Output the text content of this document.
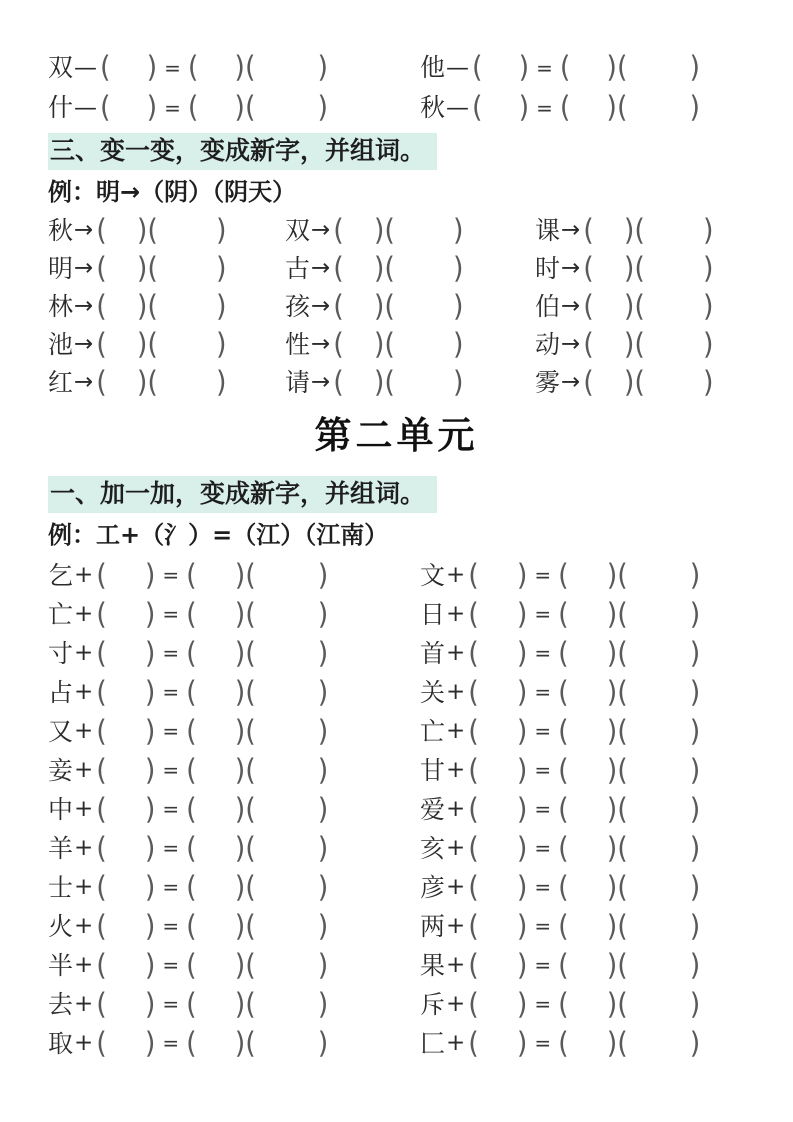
双 — ( ) = ( ) ( )	他 — ( ) = ( ) ( )
什 — ( ) = ( ) ( )	秋 — ( ) = ( ) ( )
三、变一变，变成新字，并组词。
例：明→（阴）（阴天）
秋 → ( ) ( ) 双 → ( ) ( )	课 → ( ) ( )
明 → ( ) ( ) 古 → ( ) ( )	时 → ( ) ( )
林 → ( ) ( ) 孩 → ( ) ( )	伯 → ( ) ( )
池 → ( ) ( ) 性 → ( ) ( )	动 → ( ) ( )
红 → ( ) ( ) 请 → ( ) ( )	雾 → ( ) ( )
第二单元
一、加一加，变成新字，并组词。
例：工+（氵）=（江）（江南）
乞 + ( ) = ( ) ( )	文 + ( ) = ( ) ( )
亡 + ( ) = ( ) ( )	日 + ( ) = ( ) ( )
寸 + ( ) = ( ) ( )	首 + ( ) = ( ) ( )
占 + ( ) = ( ) ( )	关 + ( ) = ( ) ( )
又 + ( ) = ( ) ( )	亡 + ( ) = ( ) ( )
妾 + ( ) = ( ) ( )	甘 + ( ) = ( ) ( )
中 + ( ) = ( ) ( )	爱 + ( ) = ( ) ( )
羊 + ( ) = ( ) ( )	亥 + ( ) = ( ) ( )
士 + ( ) = ( ) ( )	彦 + ( ) = ( ) ( )
火 + ( ) = ( ) ( )	两 + ( ) = ( ) ( )
半 + ( ) = ( ) ( )	果 + ( ) = ( ) ( )
去 + ( ) = ( ) ( )	斥 + ( ) = ( ) ( )
取 + ( ) = ( ) ( )	匚 + ( ) = ( ) ( )
